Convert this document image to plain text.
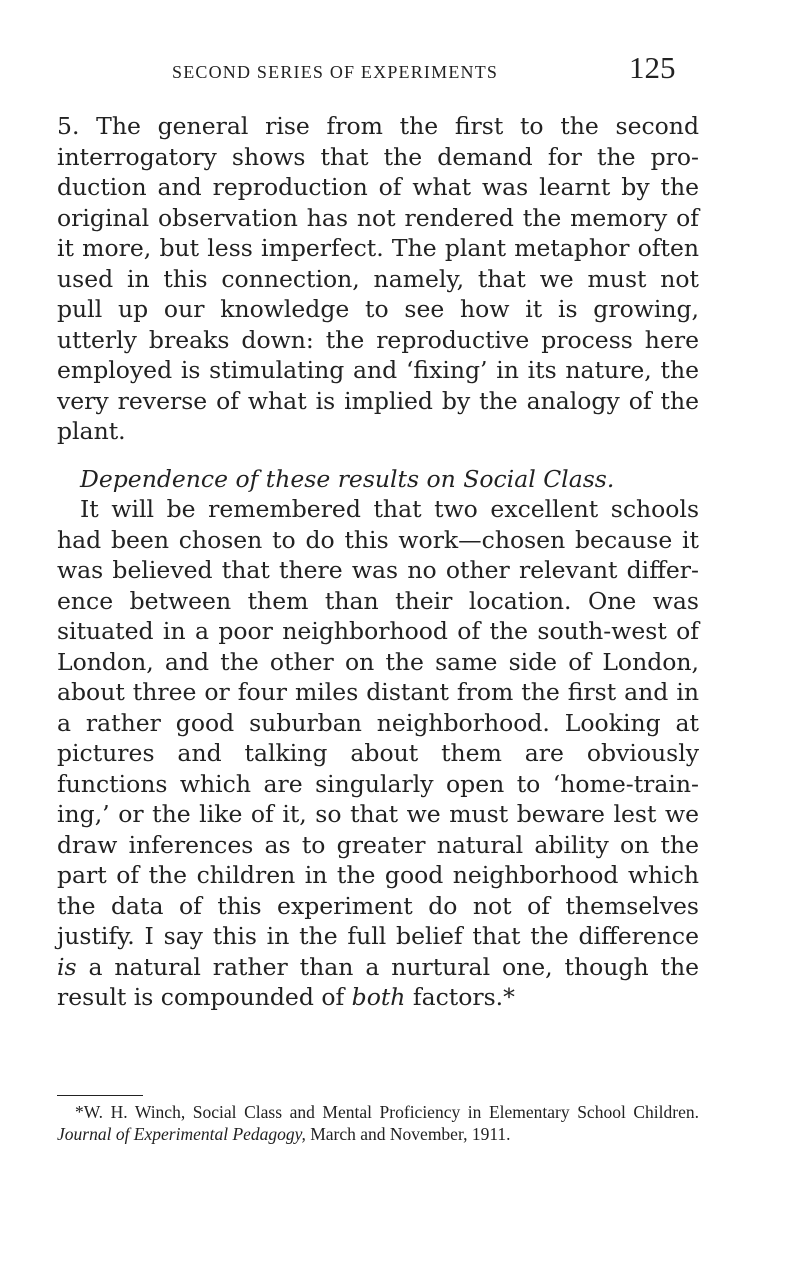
SECOND SERIES OF EXPERIMENTS	125

5. The general rise from the first to the second interrogatory shows that the demand for the production and reproduction of what was learnt by the original observation has not rendered the memory of it more, but less imperfect. The plant metaphor often used in this connection, namely, that we must not pull up our knowledge to see how it is growing, utterly breaks down: the reproductive process here employed is stimulating and ‘fixing’ in its nature, the very reverse of what is implied by the analogy of the plant.

Dependence of these results on Social Class.

It will be remembered that two excellent schools had been chosen to do this work—chosen because it was believed that there was no other relevant difference between them than their location. One was situated in a poor neighborhood of the south-west of London, and the other on the same side of London, about three or four miles distant from the first and in a rather good suburban neighborhood. Looking at pictures and talking about them are obviously functions which are singularly open to ‘home-training,’ or the like of it, so that we must beware lest we draw inferences as to greater natural ability on the part of the children in the good neighborhood which the data of this experiment do not of themselves justify. I say this in the full belief that the difference is a natural rather than a nurtural one, though the result is compounded of both factors.*

*W. H. Winch, Social Class and Mental Proficiency in Elementary School Children. Journal of Experimental Pedagogy, March and November, 1911.
